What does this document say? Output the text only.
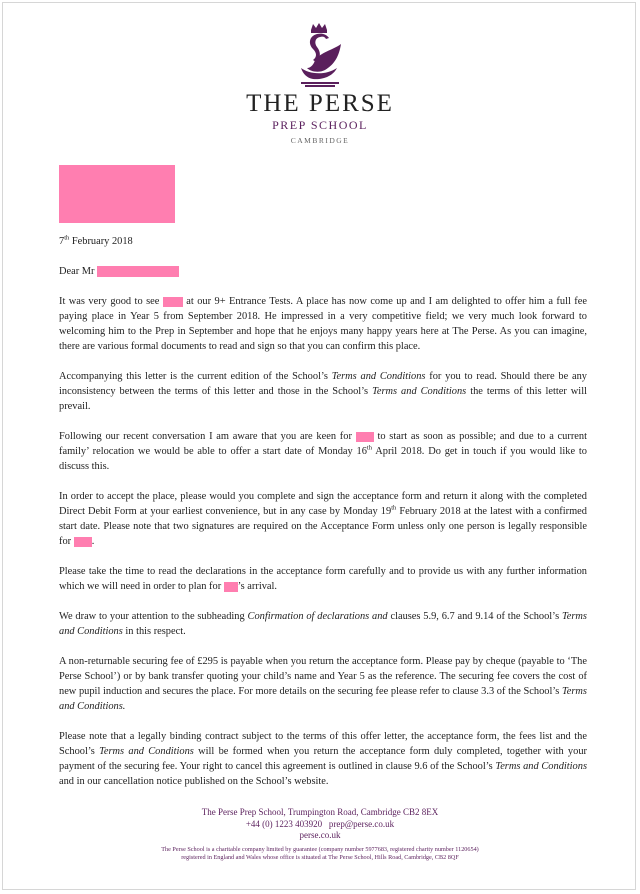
THE PERSE
PREP SCHOOL
CAMBRIDGE

7th February 2018

Dear Mr

It was very good to see	at our 9+ Entrance Tests. A place has now come up and I am delighted to offer him a full fee paying place in Year 5 from September 2018. He impressed in a very competitive field; we very much look forward to welcoming him to the Prep in September and hope that he enjoys many happy years here at The Perse. As you can imagine, there are various formal documents to read and sign so that you can confirm this place.

Accompanying this letter is the current edition of the School’s Terms and Conditions for you to read. Should there be any inconsistency between the terms of this letter and those in the School’s Terms and Conditions the terms of this letter will prevail.

Following our recent conversation I am aware that you are keen for to start as soon as possible; and due to a current family’ relocation we would be able to offer a start date of Monday 16th April 2018. Do get in touch if you would like to discuss this.

In order to accept the place, please would you complete and sign the acceptance form and return it along with the completed Direct Debit Form at your earliest convenience, but in any case by Monday 19th February 2018 at the latest with a confirmed start date. Please note that two signatures are required on the Acceptance Form unless only one person is legally responsible for .

Please take the time to read the declarations in the acceptance form carefully and to provide us with any further information which we will need in order to plan for ’s arrival.

We draw to your attention to the subheading Confirmation of declarations and clauses 5.9, 6.7 and 9.14 of the School’s Terms and Conditions in this respect.

A non-returnable securing fee of £295 is payable when you return the acceptance form. Please pay by cheque (payable to ‘The Perse School’) or by bank transfer quoting your child’s name and Year 5 as the reference. The securing fee covers the cost of new pupil induction and secures the place. For more details on the securing fee please refer to clause 3.3 of the School’s Terms and Conditions.

Please note that a legally binding contract subject to the terms of this offer letter, the acceptance form, the fees list and the School’s Terms and Conditions will be formed when you return the acceptance form duly completed, together with your payment of the securing fee. Your right to cancel this agreement is outlined in clause 9.6 of the School’s Terms and Conditions and in our cancellation notice published on the School’s website.

The Perse Prep School, Trumpington Road, Cambridge CB2 8EX
+44 (0) 1223 403920   prep@perse.co.uk
perse.co.uk
The Perse School is a charitable company limited by guarantee (company number 5977683, registered charity number 1120654)
registered in England and Wales whose office is situated at The Perse School, Hills Road, Cambridge, CB2 8QF
